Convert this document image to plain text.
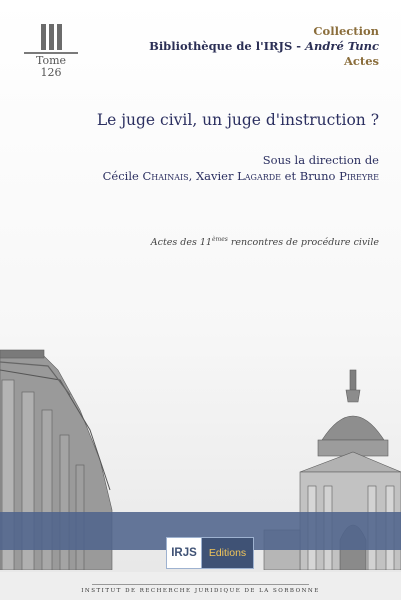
Tome
126
Collection
Bibliothèque de l'IRJS - André Tunc
Actes
Le juge civil, un juge d'instruction ?
Sous la direction de
Cécile Chainais, Xavier Lagarde et Bruno Pireyre
Actes des 11èmes rencontres de procédure civile
IRJS	Editions
INSTITUT DE RECHERCHE JURIDIQUE DE LA SORBONNE
